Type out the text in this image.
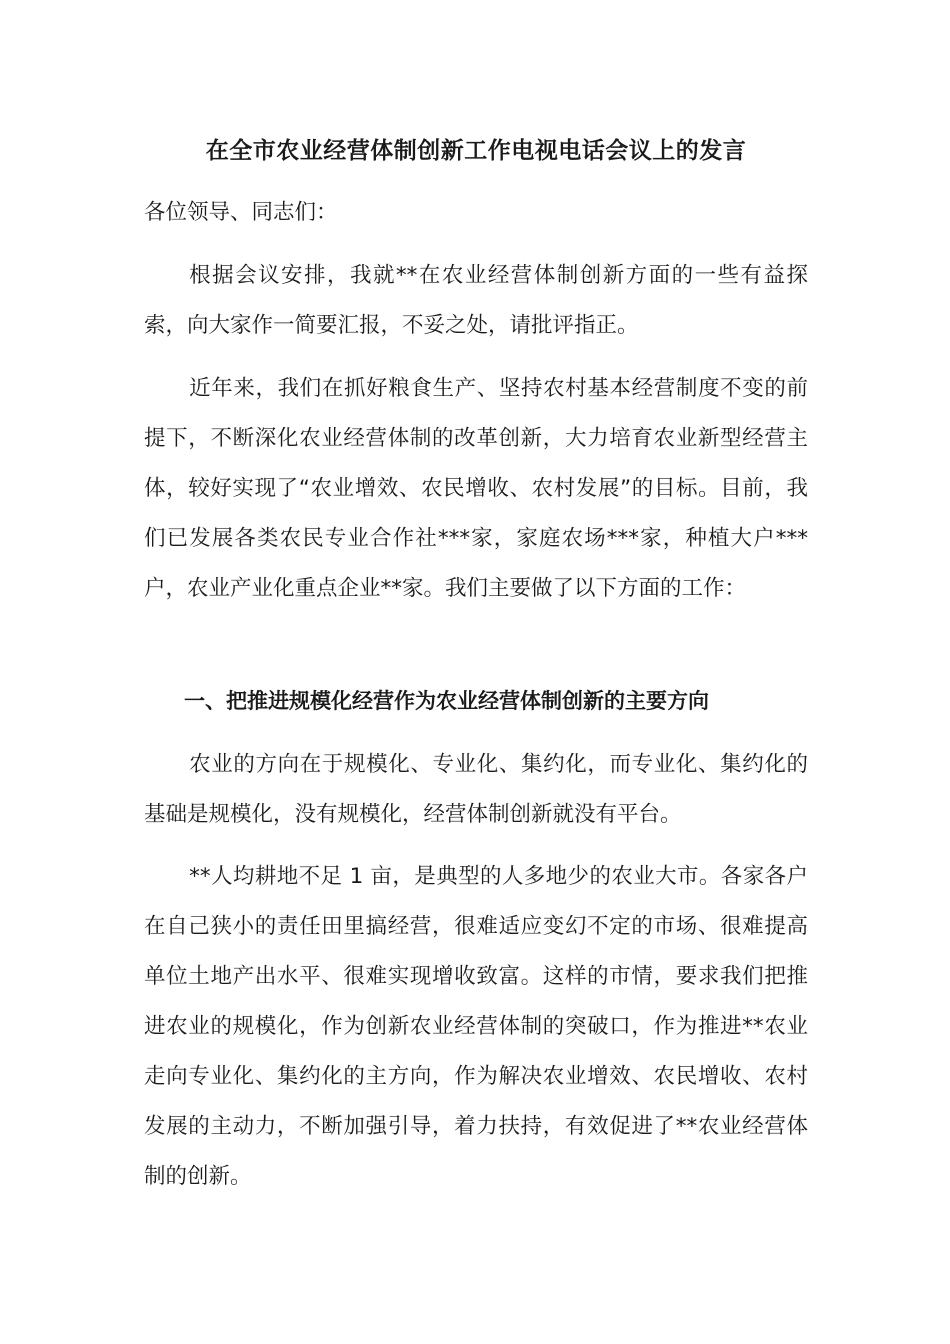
在全市农业经营体制创新工作电视电话会议上的发言

各位领导、同志们：

根据会议安排，我就**在农业经营体制创新方面的一些有益探索，向大家作一简要汇报，不妥之处，请批评指正。

近年来，我们在抓好粮食生产、坚持农村基本经营制度不变的前提下，不断深化农业经营体制的改革创新，大力培育农业新型经营主体，较好实现了“农业增效、农民增收、农村发展”的目标。目前，我们已发展各类农民专业合作社***家，家庭农场***家，种植大户***户，农业产业化重点企业**家。我们主要做了以下方面的工作：

一、把推进规模化经营作为农业经营体制创新的主要方向

农业的方向在于规模化、专业化、集约化，而专业化、集约化的基础是规模化，没有规模化，经营体制创新就没有平台。

**人均耕地不足 1 亩，是典型的人多地少的农业大市。各家各户在自己狭小的责任田里搞经营，很难适应变幻不定的市场、很难提高单位土地产出水平、很难实现增收致富。这样的市情，要求我们把推进农业的规模化，作为创新农业经营体制的突破口，作为推进**农业走向专业化、集约化的主方向，作为解决农业增效、农民增收、农村发展的主动力，不断加强引导，着力扶持，有效促进了**农业经营体制的创新。
